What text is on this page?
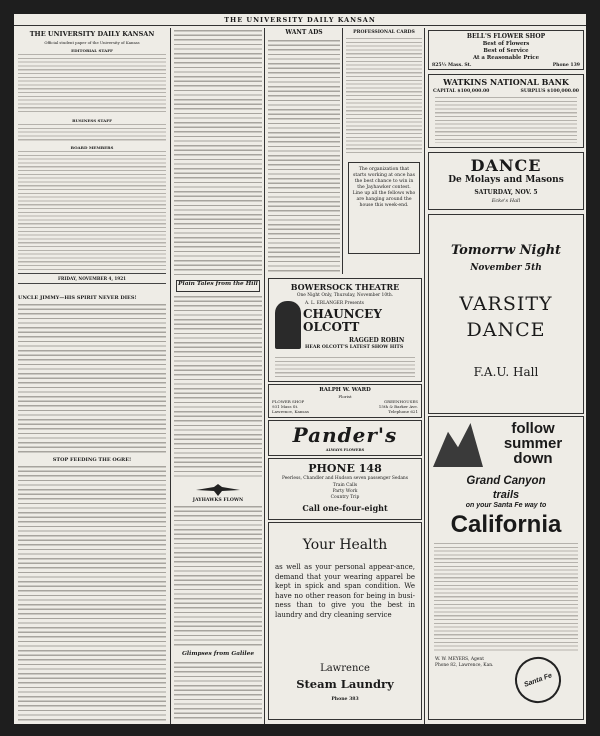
THE UNIVERSITY DAILY KANSAN
THE UNIVERSITY DAILY KANSAN
Official student paper of the University of Kansas
EDITORIAL STAFF
BUSINESS STAFF
BOARD MEMBERS
FRIDAY, NOVEMBER 4, 1921
UNCLE JIMMY—HIS SPIRIT NEVER DIES!
STOP FEEDING THE OGRE!
Plain Tales from the Hill
JAYHAWKS FLOWN
Glimpses from Galilee
WANT ADS	PROFESSIONAL CARDS
The organization that starts working at once has the best chance to win in the Jayhawker contest. Line up all the fellows who are hanging around the house this week-end.
BELL'S FLOWER SHOP
Best of Flowers
Best of Service
At a Reasonable Price
825½ Mass. St.	Phone 139
WATKINS NATIONAL BANK
CAPITAL $100,000.00	SURPLUS $100,000.00
DANCE
De Molays and Masons
SATURDAY, NOV. 5
Ecke's Hall
Tomorrw Night
November 5th
VARSITY
DANCE
F.A.U. Hall
BOWERSOCK THEATRE
One Night Only, Thursday, November 10th.
A. L. ERLANGER Presents
CHAUNCEY OLCOTT
RAGGED ROBIN
HEAR OLCOTT'S LATEST SHOW HITS
RALPH W. WARD
Florist
FLOWER SHOP
931 Mass St.
Lawrence, Kansas
GREENHOUSES
15th & Barker Ave.
Telephone 621
Pander's
ALWAYS FLOWERS
PHONE 148
Peerless, Chandler and Hudson seven passenger Sedans
Train Calls
Party Work
Country Trip
Call one-four-eight
Your Health
as well as your personal appear-ance, demand that your wearing apparel be kept in spick and span condition. We have no other reason for being in busi-ness than to give you the best in laundry and dry cleaning service
Lawrence
Steam Laundry
Phone 383
follow
summer
down
Grand Canyon
trails
on your Santa Fe way to
California
W. W. MEYERS, Agent
Phone 82, Lawrence, Kan.
Santa Fe
